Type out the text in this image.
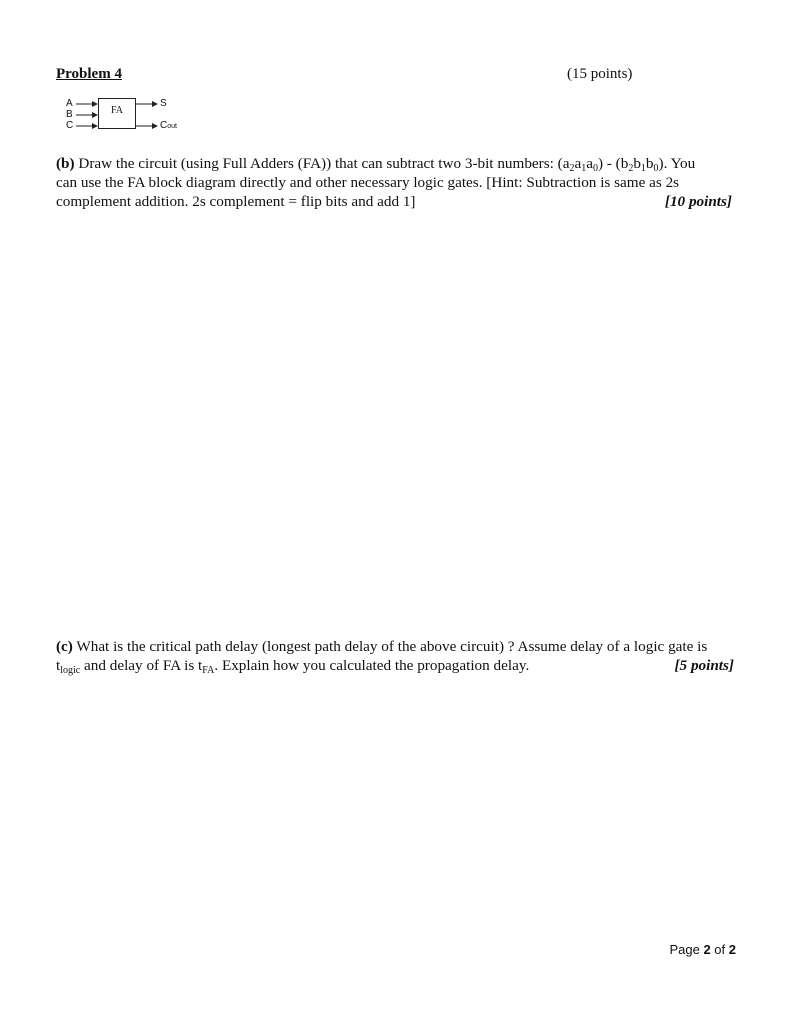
Problem 4	(15 points)
A
B
C
FA
S
Cout
(b) Draw the circuit (using Full Adders (FA)) that can subtract two 3-bit numbers: $(a_2a_1a_0) - (b_2b_1b_0)$. You
can use the FA block diagram directly and other necessary logic gates. [Hint: Subtraction is same as 2s
complement addition. 2s complement = flip bits and add 1]	[10 points]
(c) What is the critical path delay (longest path delay of the above circuit) ? Assume delay of a logic gate is
$t_{logic}$ and delay of FA is $t_{FA}$. Explain how you calculated the propagation delay.	[5 points]
Page 2 of 2
